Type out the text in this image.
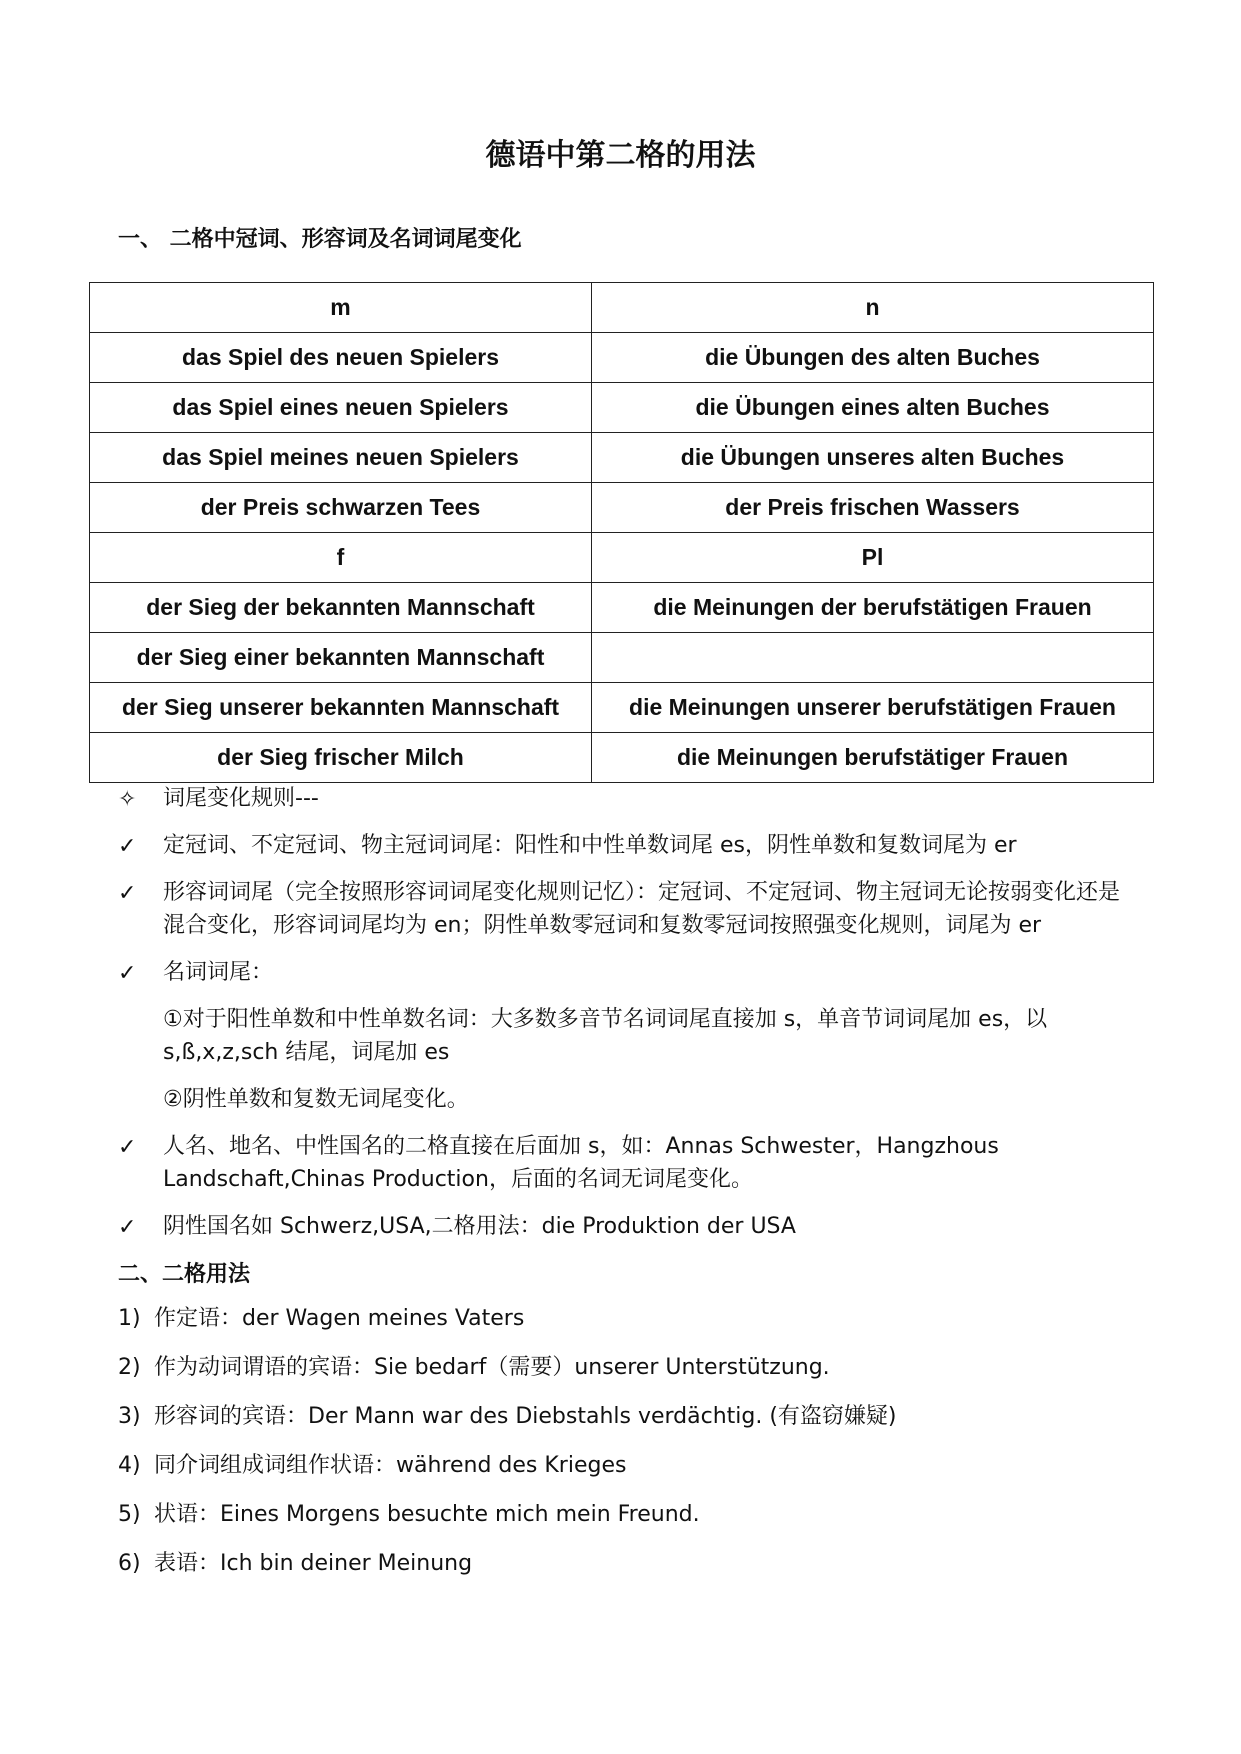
德语中第二格的用法
一、 二格中冠词、形容词及名词词尾变化
m	n
das Spiel des neuen Spielers	die Übungen des alten Buches
das Spiel eines neuen Spielers	die Übungen eines alten Buches
das Spiel meines neuen Spielers	die Übungen unseres alten Buches
der Preis schwarzen Tees	der Preis frischen Wassers
f	Pl
der Sieg der bekannten Mannschaft	die Meinungen der berufstätigen Frauen
der Sieg einer bekannten Mannschaft	
der Sieg unserer bekannten Mannschaft	die Meinungen unserer berufstätigen Frauen
der Sieg frischer Milch	die Meinungen berufstätiger Frauen
✧	词尾变化规则---
✓	定冠词、不定冠词、物主冠词词尾：阳性和中性单数词尾 es，阴性单数和复数词尾为 er
✓	形容词词尾（完全按照形容词词尾变化规则记忆）：定冠词、不定冠词、物主冠词无论按弱变化还是混合变化，形容词词尾均为 en；阴性单数零冠词和复数零冠词按照强变化规则，词尾为 er
✓	名词词尾：
①对于阳性单数和中性单数名词：大多数多音节名词词尾直接加 s，单音节词词尾加 es，以 s,ß,x,z,sch 结尾，词尾加 es
②阴性单数和复数无词尾变化。
✓	人名、地名、中性国名的二格直接在后面加 s，如：Annas Schwester，Hangzhous Landschaft,Chinas Production，后面的名词无词尾变化。
✓	阴性国名如 Schwerz,USA,二格用法：die Produktion der USA
二、二格用法
1) 作定语：der Wagen meines Vaters
2) 作为动词谓语的宾语：Sie bedarf（需要）unserer Unterstützung.
3) 形容词的宾语：Der Mann war des Diebstahls verdächtig. (有盗窃嫌疑)
4) 同介词组成词组作状语：während des Krieges
5) 状语：Eines Morgens besuchte mich mein Freund.
6) 表语：Ich bin deiner Meinung
